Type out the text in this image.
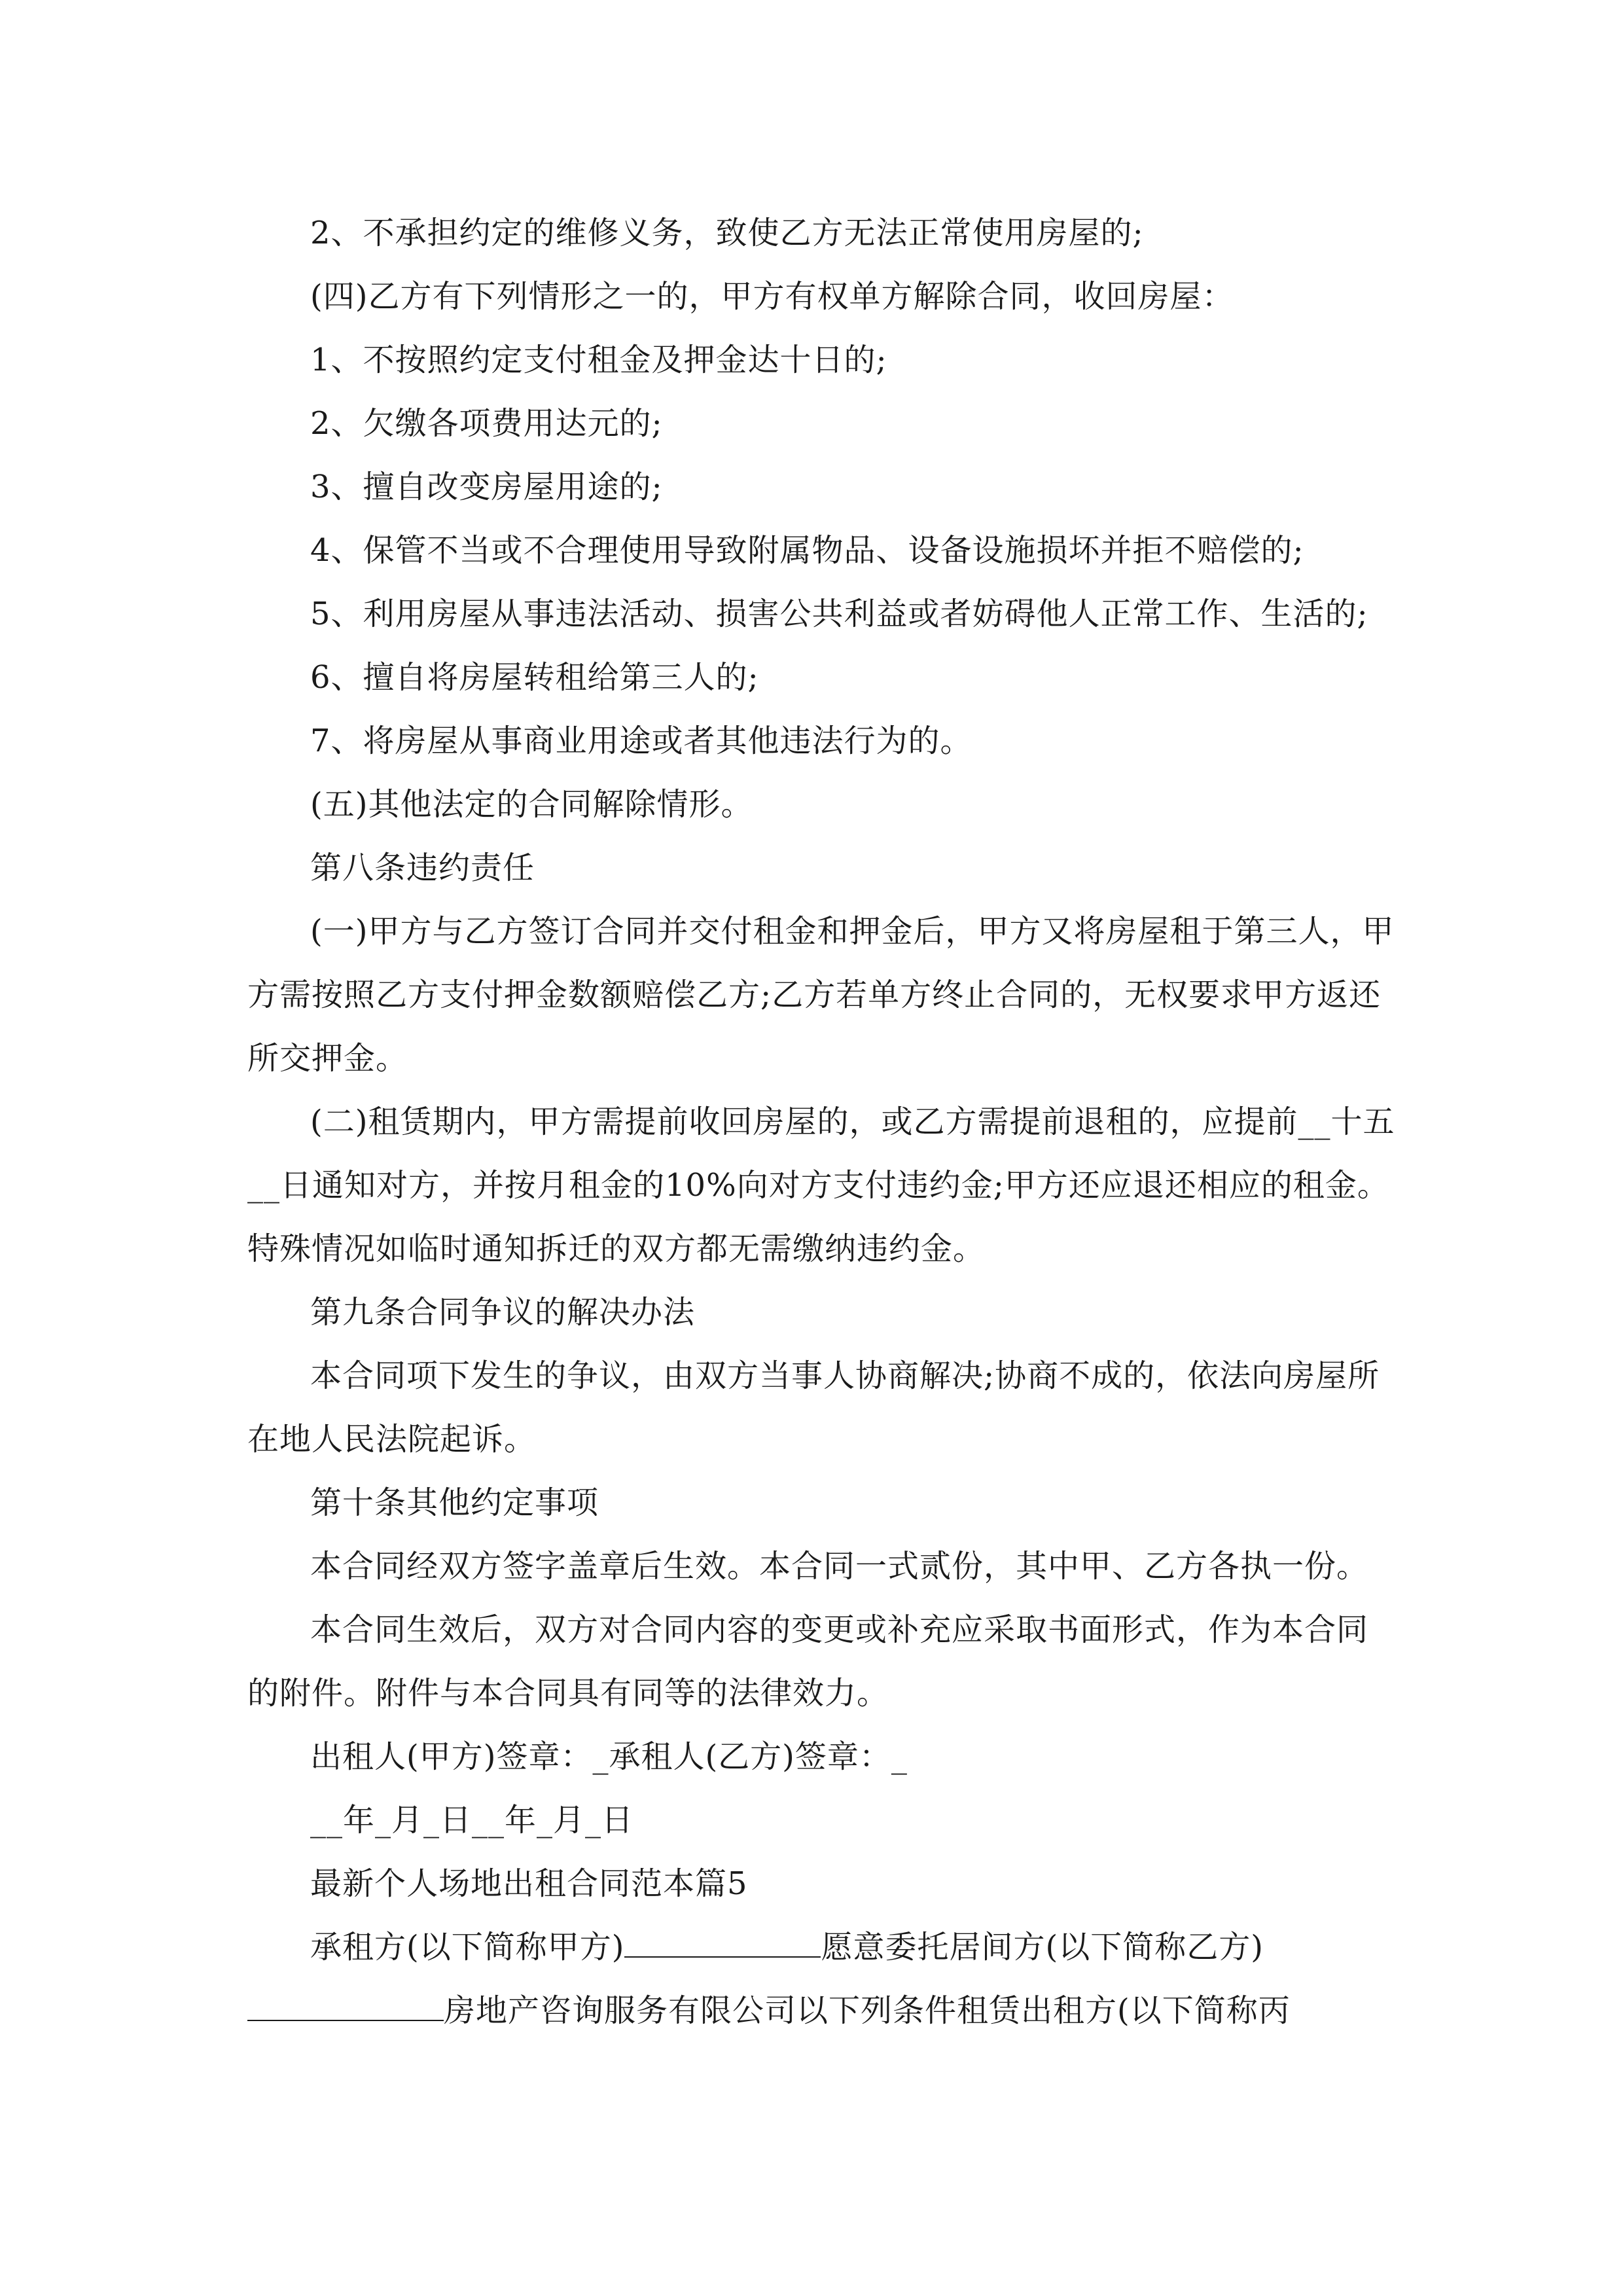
2、不承担约定的维修义务，致使乙方无法正常使用房屋的;

(四)乙方有下列情形之一的，甲方有权单方解除合同，收回房屋：

1、不按照约定支付租金及押金达十日的;

2、欠缴各项费用达元的;

3、擅自改变房屋用途的;

4、保管不当或不合理使用导致附属物品、设备设施损坏并拒不赔偿的;

5、利用房屋从事违法活动、损害公共利益或者妨碍他人正常工作、生活的;

6、擅自将房屋转租给第三人的;

7、将房屋从事商业用途或者其他违法行为的。

(五)其他法定的合同解除情形。

第八条违约责任

(一)甲方与乙方签订合同并交付租金和押金后，甲方又将房屋租于第三人，甲方需按照乙方支付押金数额赔偿乙方;乙方若单方终止合同的，无权要求甲方返还所交押金。

(二)租赁期内，甲方需提前收回房屋的，或乙方需提前退租的，应提前__十五__日通知对方，并按月租金的10%向对方支付违约金;甲方还应退还相应的租金。特殊情况如临时通知拆迁的双方都无需缴纳违约金。

第九条合同争议的解决办法

本合同项下发生的争议，由双方当事人协商解决;协商不成的，依法向房屋所在地人民法院起诉。

第十条其他约定事项

本合同经双方签字盖章后生效。本合同一式贰份，其中甲、乙方各执一份。

本合同生效后，双方对合同内容的变更或补充应采取书面形式，作为本合同的附件。附件与本合同具有同等的法律效力。

出租人(甲方)签章：_承租人(乙方)签章：_

__年_月_日__年_月_日

最新个人场地出租合同范本篇5

承租方(以下简称甲方)	愿意委托居间方(以下简称乙方)房地产咨询服务有限公司以下列条件租赁出租方(以下简称丙
